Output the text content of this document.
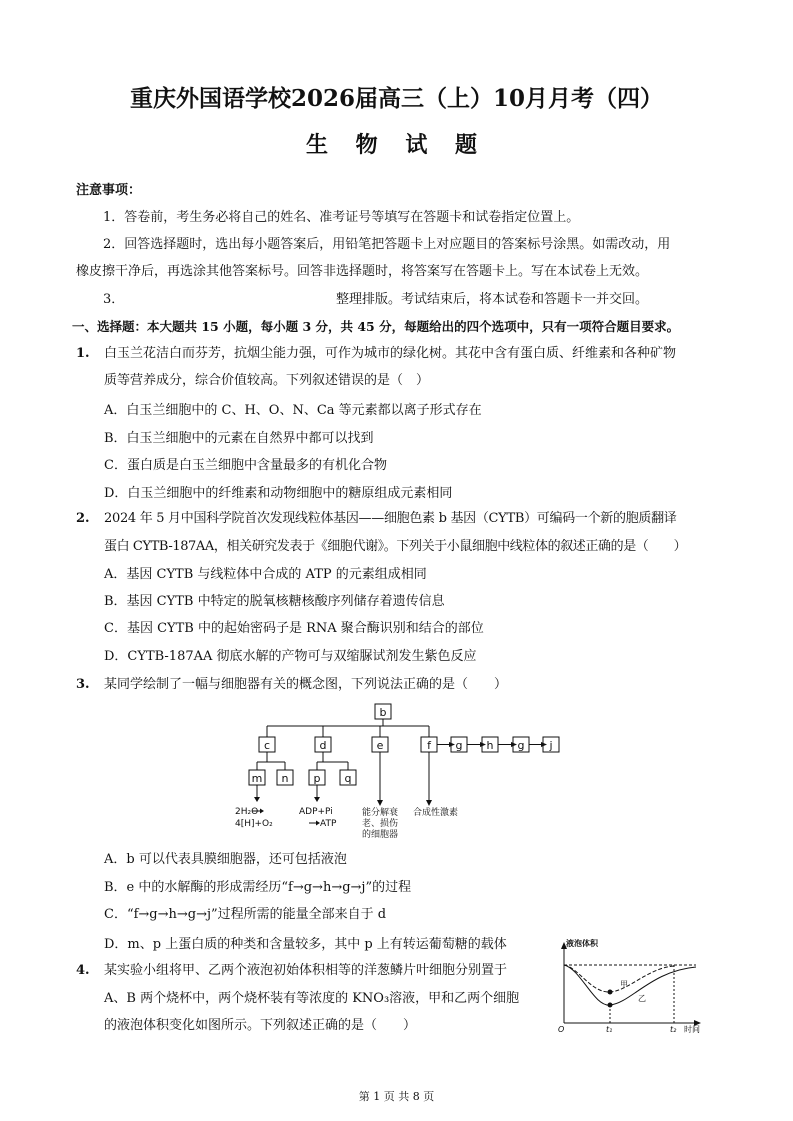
重庆外国语学校2026届高三（上）10月月考（四）
生 物 试 题
注意事项：
1．答卷前，考生务必将自己的姓名、准考证号等填写在答题卡和试卷指定位置上。
2．回答选择题时，选出每小题答案后，用铅笔把答题卡上对应题目的答案标号涂黑。如需改动，用
橡皮擦干净后，再选涂其他答案标号。回答非选择题时，将答案写在答题卡上。写在本试卷上无效。
3．	整理排版。考试结束后，将本试卷和答题卡一并交回。
一、选择题：本大题共 15 小题，每小题 3 分，共 45 分，每题给出的四个选项中，只有一项符合题目要求。
1. 白玉兰花洁白而芬芳，抗烟尘能力强，可作为城市的绿化树。其花中含有蛋白质、纤维素和各种矿物
质等营养成分，综合价值较高。下列叙述错误的是（　）
A．白玉兰细胞中的 C、H、O、N、Ca 等元素都以离子形式存在
B．白玉兰细胞中的元素在自然界中都可以找到
C．蛋白质是白玉兰细胞中含量最多的有机化合物
D．白玉兰细胞中的纤维素和动物细胞中的糖原组成元素相同
2. 2024 年 5 月中国科学院首次发现线粒体基因——细胞色素 b 基因（CYTB）可编码一个新的胞质翻译
蛋白 CYTB-187AA，相关研究发表于《细胞代谢》。下列关于小鼠细胞中线粒体的叙述正确的是（　　）
A．基因 CYTB 与线粒体中合成的 ATP 的元素组成相同
B．基因 CYTB 中特定的脱氧核糖核酸序列储存着遗传信息
C．基因 CYTB 中的起始密码子是 RNA 聚合酶识别和结合的部位
D．CYTB-187AA 彻底水解的产物可与双缩脲试剂发生紫色反应
3. 某同学绘制了一幅与细胞器有关的概念图，下列说法正确的是（　　）
b
c	d	e	f g h g j
m n p q
2H₂O
4[H]+O₂
ADP+Pi
ATP
能分解衰
老、损伤
的细胞器
合成性激素
A．b 可以代表具膜细胞器，还可包括液泡
B．e 中的水解酶的形成需经历“f→g→h→g→j”的过程
C．“f→g→h→g→j”过程所需的能量全部来自于 d
D．m、p 上蛋白质的种类和含量较多，其中 p 上有转运葡萄糖的载体
4. 某实验小组将甲、乙两个液泡初始体积相等的洋葱鳞片叶细胞分别置于
A、B 两个烧杯中，两个烧杯装有等浓度的 KNO₃溶液，甲和乙两个细胞
的液泡体积变化如图所示。下列叙述正确的是（　　）
液泡体积
O	t₁	t₂ 时间
甲
乙
第 1 页 共 8 页
